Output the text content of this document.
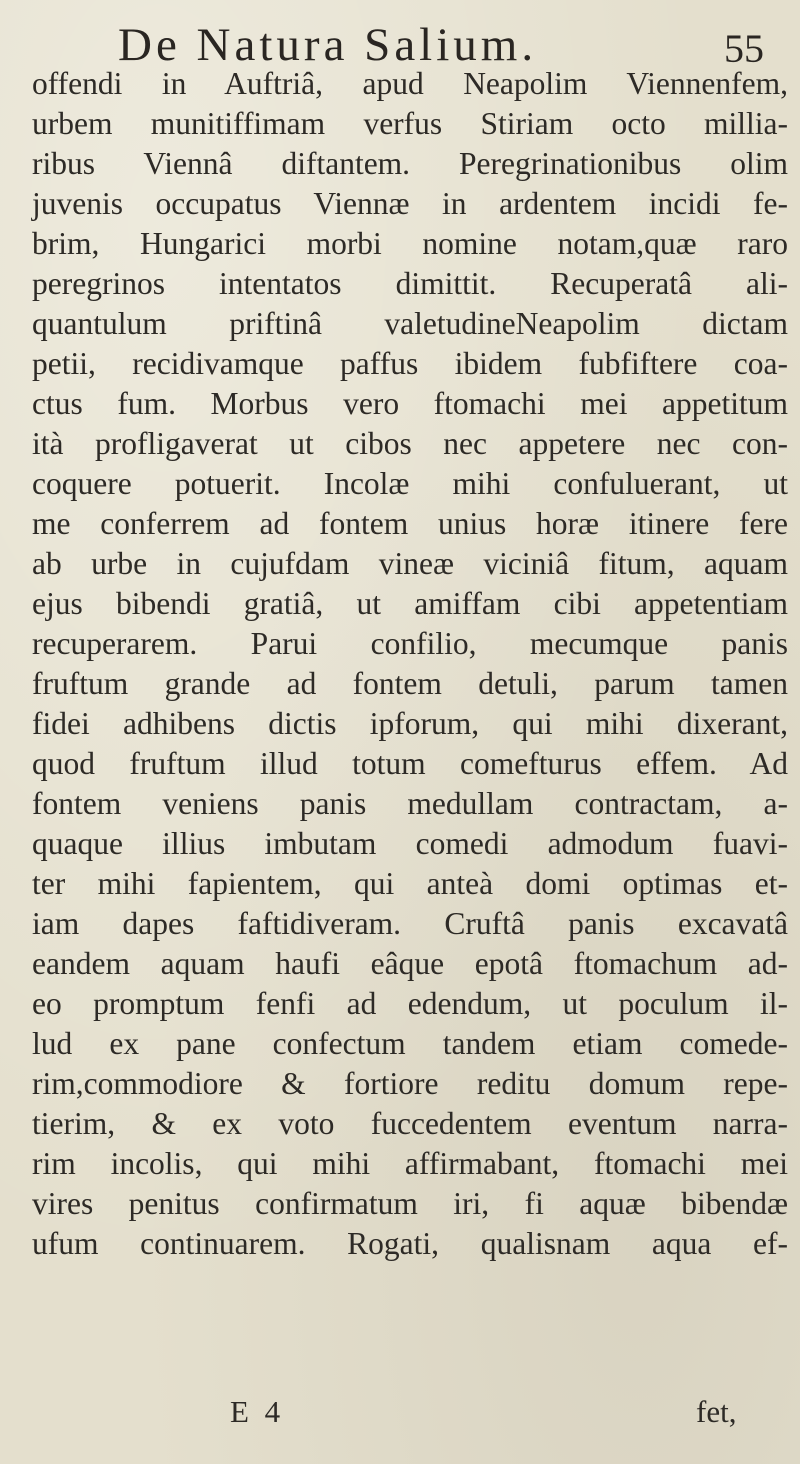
De Natura Salium.	55
offendi in Auftriâ, apud Neapolim Viennenfem,
urbem munitiffimam verfus Stiriam octo millia-
ribus Viennâ diftantem. Peregrinationibus olim
juvenis occupatus Viennæ in ardentem incidi fe-
brim, Hungarici morbi nomine notam,quæ raro
peregrinos intentatos dimittit. Recuperatâ ali-
quantulum priftinâ valetudineNeapolim dictam
petii, recidivamque paffus ibidem fubfiftere coa-
ctus fum. Morbus vero ftomachi mei appetitum
ità profligaverat ut cibos nec appetere nec con-
coquere potuerit. Incolæ mihi confuluerant, ut
me conferrem ad fontem unius horæ itinere fere
ab urbe in cujufdam vineæ viciniâ fitum, aquam
ejus bibendi gratiâ, ut amiffam cibi appetentiam
recuperarem. Parui confilio, mecumque panis
fruftum grande ad fontem detuli, parum tamen
fidei adhibens dictis ipforum, qui mihi dixerant,
quod fruftum illud totum comefturus effem. Ad
fontem veniens panis medullam contractam, a-
quaque illius imbutam comedi admodum fuavi-
ter mihi fapientem, qui anteà domi optimas et-
iam dapes faftidiveram. Cruftâ panis excavatâ
eandem aquam haufi eâque epotâ ftomachum ad-
eo promptum fenfi ad edendum, ut poculum il-
lud ex pane confectum tandem etiam comede-
rim,commodiore & fortiore reditu domum repe-
tierim, & ex voto fuccedentem eventum narra-
rim incolis, qui mihi affirmabant, ftomachi mei
vires penitus confirmatum iri, fi aquæ bibendæ
ufum continuarem. Rogati, qualisnam aqua ef-
E 4	fet,
